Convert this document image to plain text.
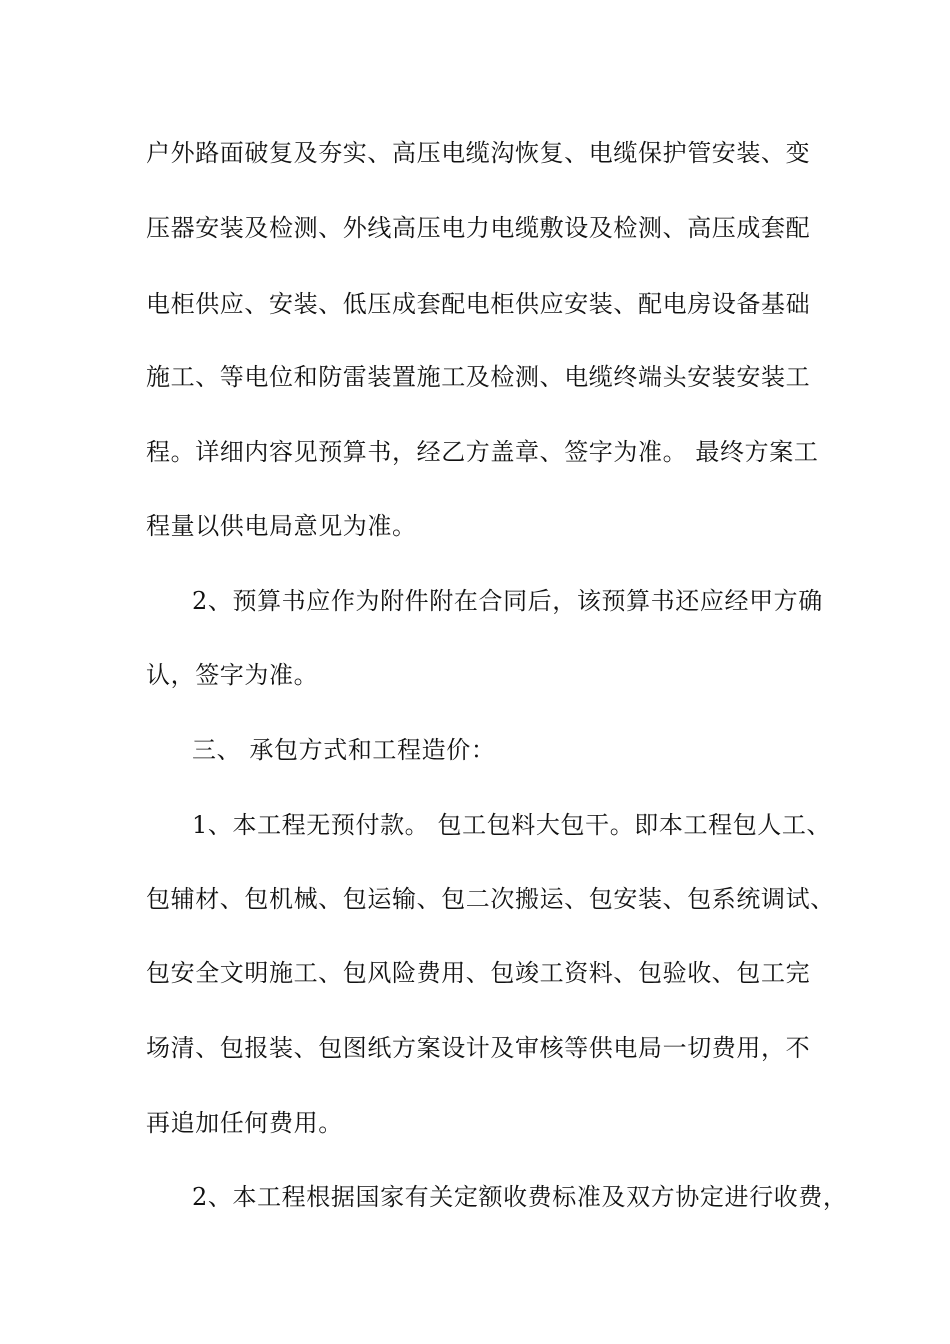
户外路面破复及夯实、高压电缆沟恢复、电缆保护管安装、变
压器安装及检测、外线高压电力电缆敷设及检测、高压成套配
电柜供应、安装、低压成套配电柜供应安装、配电房设备基础
施工、等电位和防雷装置施工及检测、电缆终端头安装安装工
程。详细内容见预算书，经乙方盖章、签字为准。 最终方案工
程量以供电局意见为准。
2、预算书应作为附件附在合同后，该预算书还应经甲方确
认，签字为准。
三、 承包方式和工程造价：
1、本工程无预付款。 包工包料大包干。即本工程包人工、
包辅材、包机械、包运输、包二次搬运、包安装、包系统调试、
包安全文明施工、包风险费用、包竣工资料、包验收、包工完
场清、包报装、包图纸方案设计及审核等供电局一切费用，不
再追加任何费用。
2、本工程根据国家有关定额收费标准及双方协定进行收费，
